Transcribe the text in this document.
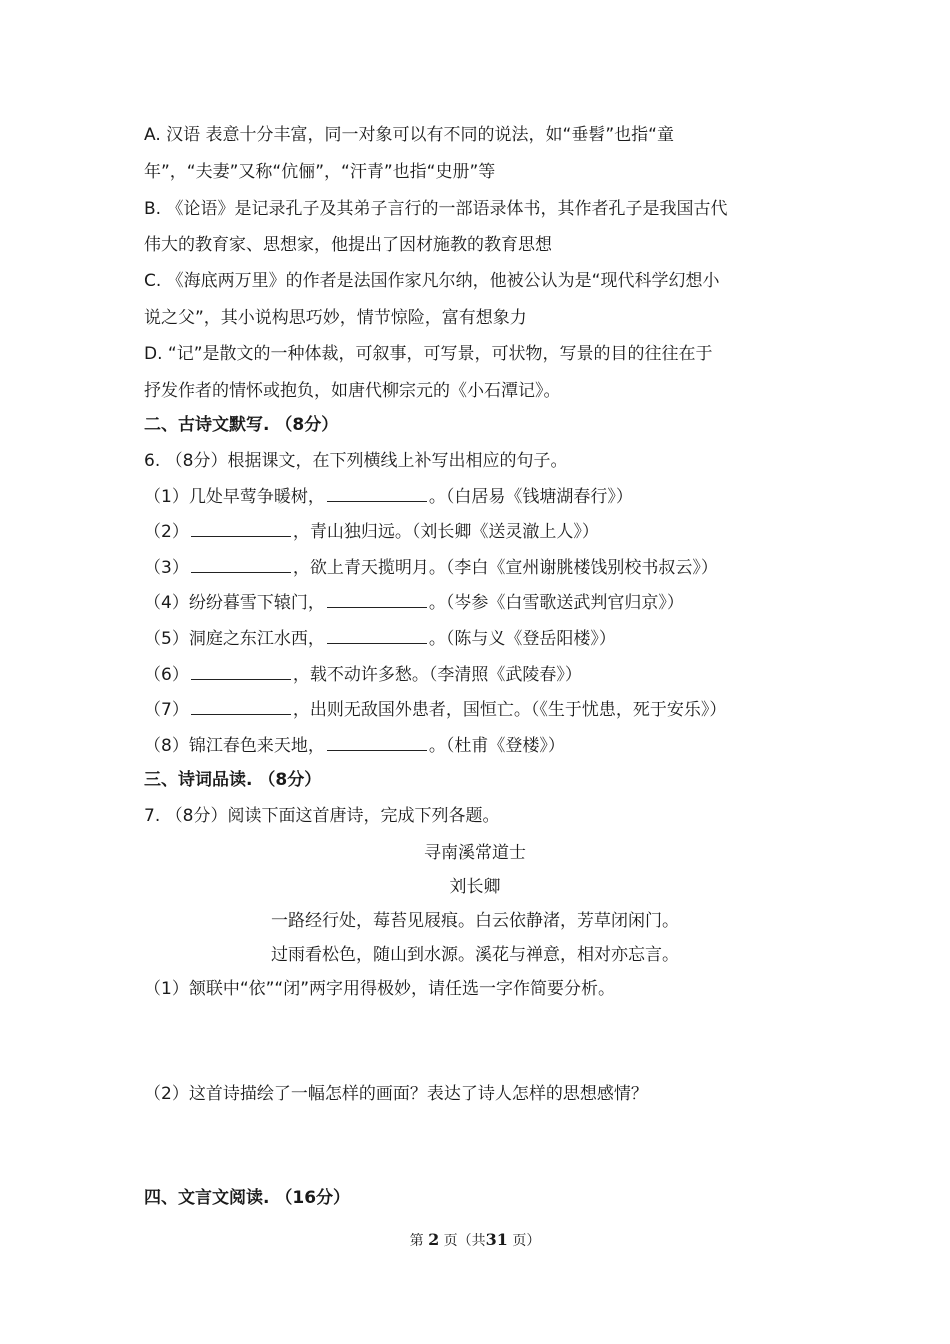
A. 汉语 表意十分丰富，同一对象可以有不同的说法，如“垂髫”也指“童
年”，“夫妻”又称“伉俪”，“汗青”也指“史册”等
B. 《论语》是记录孔子及其弟子言行的一部语录体书，其作者孔子是我国古代
伟大的教育家、思想家，他提出了因材施教的教育思想
C. 《海底两万里》的作者是法国作家凡尔纳，他被公认为是“现代科学幻想小
说之父”，其小说构思巧妙，情节惊险，富有想象力
D. “记”是散文的一种体裁，可叙事，可写景，可状物，写景的目的往往在于
抒发作者的情怀或抱负，如唐代柳宗元的《小石潭记》。
二、古诗文默写. （8分）
6. （8分）根据课文，在下列横线上补写出相应的句子。
（1）几处早莺争暖树，	。（白居易《钱塘湖春行》）
（2）	，青山独归远。（刘长卿《送灵澈上人》）
（3）	，欲上青天揽明月。（李白《宣州谢朓楼饯别校书叔云》）
（4）纷纷暮雪下辕门，	。（岑参《白雪歌送武判官归京》）
（5）洞庭之东江水西，	。（陈与义《登岳阳楼》）
（6）	，载不动许多愁。（李清照《武陵春》）
（7）	，出则无敌国外患者，国恒亡。（《生于忧患，死于安乐》）
（8）锦江春色来天地，	。（杜甫《登楼》）
三、诗词品读. （8分）
7. （8分）阅读下面这首唐诗，完成下列各题。
寻南溪常道士
刘长卿
一路经行处，莓苔见屐痕。白云依静渚，芳草闭闲门。
过雨看松色，随山到水源。溪花与禅意，相对亦忘言。
（1）颔联中“依”“闭”两字用得极妙，请任选一字作简要分析。
（2）这首诗描绘了一幅怎样的画面？表达了诗人怎样的思想感情？
四、文言文阅读. （16分）
第 2 页（共31 页）
